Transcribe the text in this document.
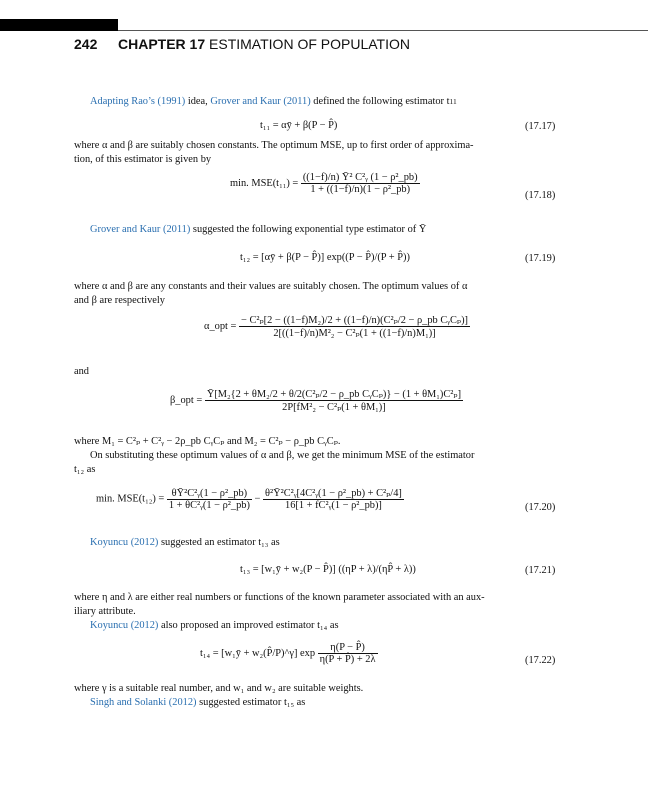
242 CHAPTER 17 ESTIMATION OF POPULATION
Adapting Rao’s (1991) idea, Grover and Kaur (2011) defined the following estimator t11
t₁₁ = αȳ + β(P − P̂)	(17.17)
where α and β are suitably chosen constants. The optimum MSE, up to first order of approxima-
tion, of this estimator is given by
min. $MSE(t_{11}) = \frac{\text{((1−f)/n) Ȳ² C²ᵧ (1 − ρ²\_pb)}}{\text{1 + ((1−f)/n)(1 − ρ²\_pb)}}$
(17.18)
Grover and Kaur (2011) suggested the following exponential type estimator of Ȳ
t₁₂ = [αȳ + β(P − P̂)] exp((P − P̂)/(P + P̂))	(17.19)
where α and β are any constants and their values are suitably chosen. The optimum values of α
and β are respectively
α_opt = $\frac{\text{− C²ₚ[2 − ((1−f)M₂)/2 + ((1−f)/n)(C²ₚ/2 − ρ\_pb CᵧCₚ)]}}{\text{2[((1−f)/n)M²₂ − C²ₚ(1 + ((1−f)/n)M₁)]}}$
and
β_opt = $\frac{\text{Ȳ[M₂\{2 + θM₂/2 + θ/2(C²ₚ/2 − ρ\_pb CᵧCₚ)\} − (1 + θM₁)C²ₚ]}}{\text{2P[fM²₂ − C²ₚ(1 + θM₁)]}}$
where M₁ = C²ₚ + C²ᵧ − 2ρ_pb CᵧCₚ and M₂ = C²ₚ − ρ_pb CᵧCₚ.
On substituting these optimum values of α and β, we get the minimum MSE of the estimator
t₁₂ as
min. $MSE(t_{12}) = \frac{\text{θȲ²C²ᵧ(1 − ρ²\_pb)}}{\text{1 + θC²ᵧ(1 − ρ²\_pb)}} - \frac{\text{θ²Ȳ²C²ᵧ[4C²ᵧ(1 − ρ²\_pb) + C²ₚ/4]}}{\text{16[1 + fC²ᵧ(1 − ρ²\_pb)]}}$	(17.20)
Koyuncu (2012) suggested an estimator t₁₃ as
t₁₃ = [w₁ȳ + w₂(P − P̂)] ((ηP + λ)/(ηP̂ + λ))	(17.21)
where η and λ are either real numbers or functions of the known parameter associated with an aux-
iliary attribute.
Koyuncu (2012) also proposed an improved estimator t₁₄ as
t₁₄ = [w₁ȳ + w₂(P̂/P)^γ] $\exp \frac{\eta(P - P̂)}{\eta(P + P̂) + 2\lambda}$	(17.22)
where γ is a suitable real number, and w₁ and w₂ are suitable weights.
Singh and Solanki (2012) suggested estimator t₁₅ as
